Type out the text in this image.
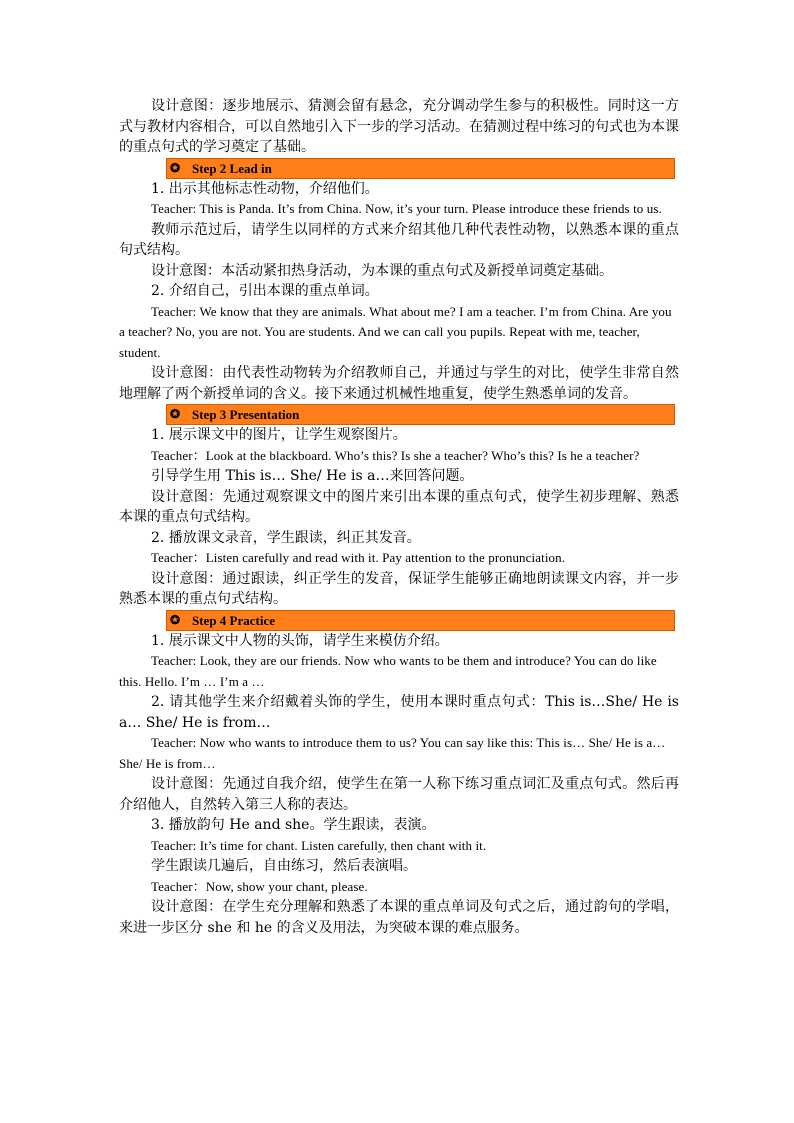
设计意图：逐步地展示、猜测会留有悬念，充分调动学生参与的积极性。同时这一方式与教材内容相合，可以自然地引入下一步的学习活动。在猜测过程中练习的句式也为本课的重点句式的学习奠定了基础。

✪ Step 2 Lead in

1. 出示其他标志性动物，介绍他们。

Teacher: This is Panda. It’s from China. Now, it’s your turn. Please introduce these friends to us.

教师示范过后，请学生以同样的方式来介绍其他几种代表性动物，以熟悉本课的重点句式结构。

设计意图：本活动紧扣热身活动，为本课的重点句式及新授单词奠定基础。

2. 介绍自己，引出本课的重点单词。

Teacher: We know that they are animals. What about me? I am a teacher. I’m from China. Are you a teacher? No, you are not. You are students. And we can call you pupils. Repeat with me, teacher, student.

设计意图：由代表性动物转为介绍教师自己，并通过与学生的对比，使学生非常自然地理解了两个新授单词的含义。接下来通过机械性地重复，使学生熟悉单词的发音。

✪ Step 3 Presentation

1. 展示课文中的图片，让学生观察图片。

Teacher：Look at the blackboard. Who’s this? Is she a teacher? Who’s this? Is he a teacher?

引导学生用 This is… She/ He is a…来回答问题。

设计意图：先通过观察课文中的图片来引出本课的重点句式，使学生初步理解、熟悉本课的重点句式结构。

2. 播放课文录音，学生跟读，纠正其发音。

Teacher：Listen carefully and read with it. Pay attention to the pronunciation.

设计意图：通过跟读，纠正学生的发音，保证学生能够正确地朗读课文内容，并一步熟悉本课的重点句式结构。

✪ Step 4 Practice

1. 展示课文中人物的头饰，请学生来模仿介绍。

Teacher: Look, they are our friends. Now who wants to be them and introduce? You can do like this. Hello. I’m … I’m a …

2. 请其他学生来介绍戴着头饰的学生，使用本课时重点句式：This is…She/ He is a… She/ He is from…

Teacher: Now who wants to introduce them to us? You can say like this: This is… She/ He is a… She/ He is from…

设计意图：先通过自我介绍，使学生在第一人称下练习重点词汇及重点句式。然后再介绍他人，自然转入第三人称的表达。

3. 播放韵句 He and she。学生跟读，表演。

Teacher: It’s time for chant. Listen carefully, then chant with it.

学生跟读几遍后，自由练习，然后表演唱。

Teacher：Now, show your chant, please.

设计意图：在学生充分理解和熟悉了本课的重点单词及句式之后，通过韵句的学唱，来进一步区分 she 和 he 的含义及用法，为突破本课的难点服务。
